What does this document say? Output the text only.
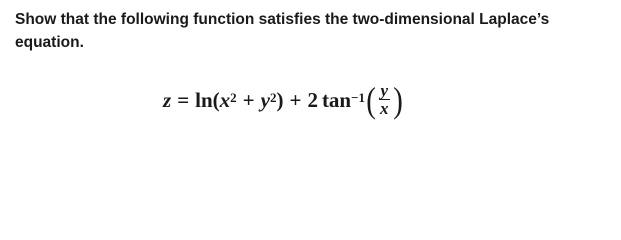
Show that the following function satisfies the two-dimensional Laplace’s equation.

z = ln ( $x^2 + y^2$ ) + 2 $\tan^{-1}$ ( $\frac{y}{x}$ )
